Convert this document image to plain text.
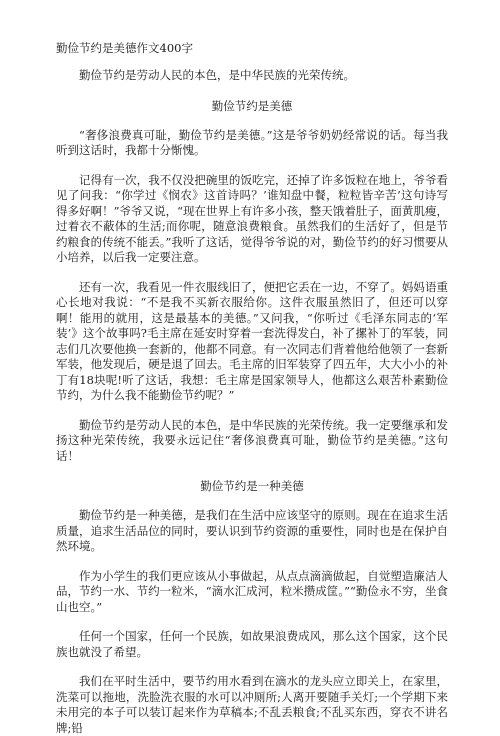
勤俭节约是美德作文400字

勤俭节约是劳动人民的本色，是中华民族的光荣传统。

勤俭节约是美德

“奢侈浪费真可耻，勤俭节约是美德。”这是爷爷奶奶经常说的话。每当我听到这话时，我都十分惭愧。

记得有一次，我不仅没把碗里的饭吃完，还掉了许多饭粒在地上，爷爷看见了问我：“你学过《悯农》这首诗吗？’谁知盘中餐，粒粒皆辛苦’这句诗写得多好啊！”爷爷又说，“现在世界上有许多小孩，整天饿着肚子，面黄肌瘦，过着衣不蔽体的生活;而你呢，随意浪费粮食。虽然我们的生活好了，但是节约粮食的传统不能丢。”我听了这话，觉得爷爷说的对，勤俭节约的好习惯要从小培养，以后我一定要注意。

还有一次，我看见一件衣服线旧了，便把它丢在一边，不穿了。妈妈语重心长地对我说：“不是我不买新衣服给你。这件衣服虽然旧了，但还可以穿啊！能用的就用，这是最基本的美德。”又问我，“你听过《毛泽东同志的‘军装’》这个故事吗?毛主席在延安时穿着一套洗得发白，补了摞补丁的军装，同志们几次要他换一套新的，他都不同意。有一次同志们背着他给他领了一套新军装，他发现后，硬是退了回去。毛主席的旧军装穿了四五年，大大小小的补丁有18块呢!听了这话，我想：毛主席是国家领导人，他都这么艰苦朴素勤俭节约，为什么我不能勤俭节约呢？”

勤俭节约是劳动人民的本色，是中华民族的光荣传统。我一定要继承和发扬这种光荣传统，我要永远记住“奢侈浪费真可耻，勤俭节约是美德。”这句话！

勤俭节约是一种美德

勤俭节约是一种美德，是我们在生活中应该坚守的原则。现在在追求生活质量，追求生活品位的同时，要认识到节约资源的重要性，同时也是在保护自然环境。

作为小学生的我们更应该从小事做起，从点点滴滴做起，自觉塑造廉洁人品，节约一水、节约一粒米，“滴水汇成河，粒米攒成筐。”“勤俭永不穷，坐食山也空。”

任何一个国家，任何一个民族，如故果浪费成风，那么这个国家，这个民族也就没了希望。

我们在平时生活中，要节约用水看到在滴水的龙头应立即关上，在家里，洗菜可以拖地，洗脸洗衣服的水可以冲厕所;人离开要随手关灯;一个学期下来未用完的本子可以装订起来作为草稿本;不乱丢粮食;不乱买东西，穿衣不讲名牌;铅
